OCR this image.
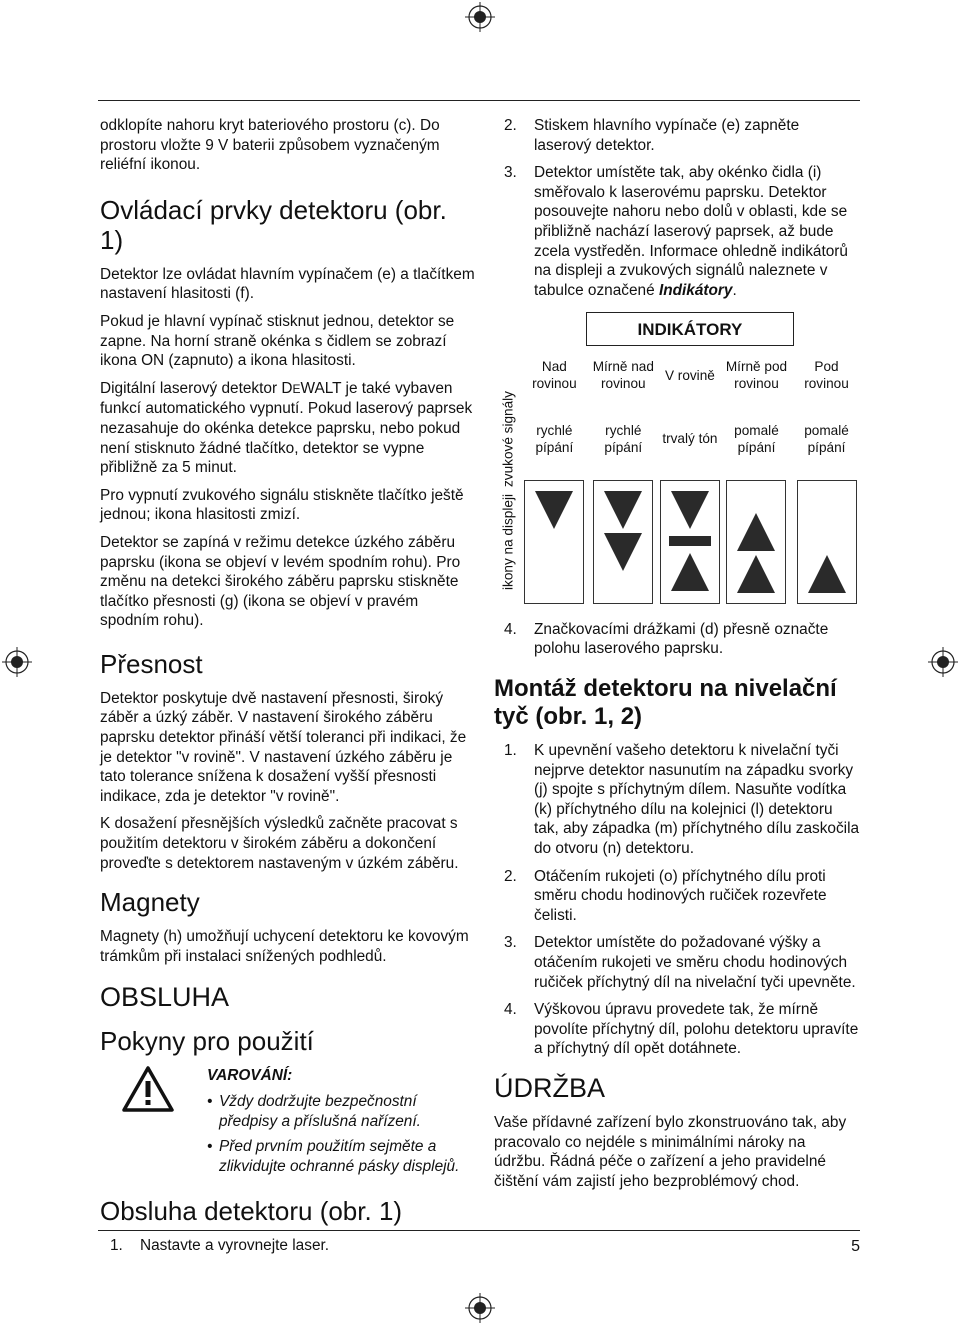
odklopíte nahoru kryt bateriového prostoru (c). Do prostoru vložte 9 V baterii způsobem vyznačeným reliéfní ikonou.

Ovládací prvky detektoru (obr. 1)

Detektor lze ovládat hlavním vypínačem (e) a tlačítkem nastavení hlasitosti (f).

Pokud je hlavní vypínač stisknut jednou, detektor se zapne. Na horní straně okénka s čidlem se zobrazí ikona ON (zapnuto) a ikona hlasitosti.

Digitální laserový detektor DEWALT je také vybaven funkcí automatického vypnutí. Pokud laserový paprsek nezasahuje do okénka detekce paprsku, nebo pokud není stisknuto žádné tlačítko, detektor se vypne přibližně za 5 minut.

Pro vypnutí zvukového signálu stiskněte tlačítko ještě jednou; ikona hlasitosti zmizí.

Detektor se zapíná v režimu detekce úzkého záběru paprsku (ikona se objeví v levém spodním rohu). Pro změnu na detekci širokého záběru paprsku stiskněte tlačítko přesnosti (g) (ikona se objeví v pravém spodním rohu).

Přesnost

Detektor poskytuje dvě nastavení přesnosti, široký záběr a úzký záběr. V nastavení širokého záběru paprsku detektor přináší větší toleranci při indikaci, že je detektor "v rovině". V nastavení úzkého záběru je tato tolerance snížena k dosažení vyšší přesnosti indikace, zda je detektor "v rovině".

K dosažení přesnějších výsledků začněte pracovat s použitím detektoru v širokém záběru a dokončení proveďte s detektorem nastaveným v úzkém záběru.

Magnety

Magnety (h) umožňují uchycení detektoru ke kovovým trámkům při instalaci snížených podhledů.

OBSLUHA
Pokyny pro použití
VAROVÁNÍ:
• Vždy dodržujte bezpečnostní předpisy a příslušná nařízení.
• Před prvním použitím sejměte a zlikvidujte ochranné pásky displejů.
Obsluha detektoru (obr. 1)
1.	Nastavte a vyrovnejte laser.
2.	Stiskem hlavního vypínače (e) zapněte laserový detektor.
3.	Detektor umístěte tak, aby okénko čidla (i) směřovalo k laserovému paprsku. Detektor posouvejte nahoru nebo dolů v oblasti, kde se přibližně nachází laserový paprsek, až bude zcela vystředěn. Informace ohledně indikátorů na displeji a zvukových signálů naleznete v tabulce označené Indikátory.
		INDIKÁTORY				
	Nad rovinou	Mírně nad rovinou	V rovině	Mírně pod rovinou	Pod rovinou	

zvukové signály	rychlé pípání	rychlé pípání	trvalý tón	pomalé pípání	pomalé pípání	

ikony na displeji

4.	Značkovacími drážkami (d) přesně označte polohu laserového paprsku.
Montáž detektoru na nivelační tyč (obr. 1, 2)
1.	K upevnění vašeho detektoru k nivelační tyči nejprve detektor nasunutím na západku svorky (j) spojte s příchytným dílem. Nasuňte vodítka (k) příchytného dílu na kolejnici (l) detektoru tak, aby západka (m) příchytného dílu zaskočila do otvoru (n) detektoru.
2.	Otáčením rukojeti (o) příchytného dílu proti směru chodu hodinových ručiček rozevřete čelisti.
3.	Detektor umístěte do požadované výšky a otáčením rukojeti ve směru chodu hodinových ručiček příchytný díl na nivelační tyči upevněte.
4.	Výškovou úpravu provedete tak, že mírně povolíte příchytný díl, polohu detektoru upravíte a příchytný díl opět dotáhnete.
ÚDRŽBA

Vaše přídavné zařízení bylo zkonstruováno tak, aby pracovalo co nejdéle s minimálními nároky na údržbu. Řádná péče o zařízení a jeho pravidelné čištění vám zajistí jeho bezproblémový chod.

5
